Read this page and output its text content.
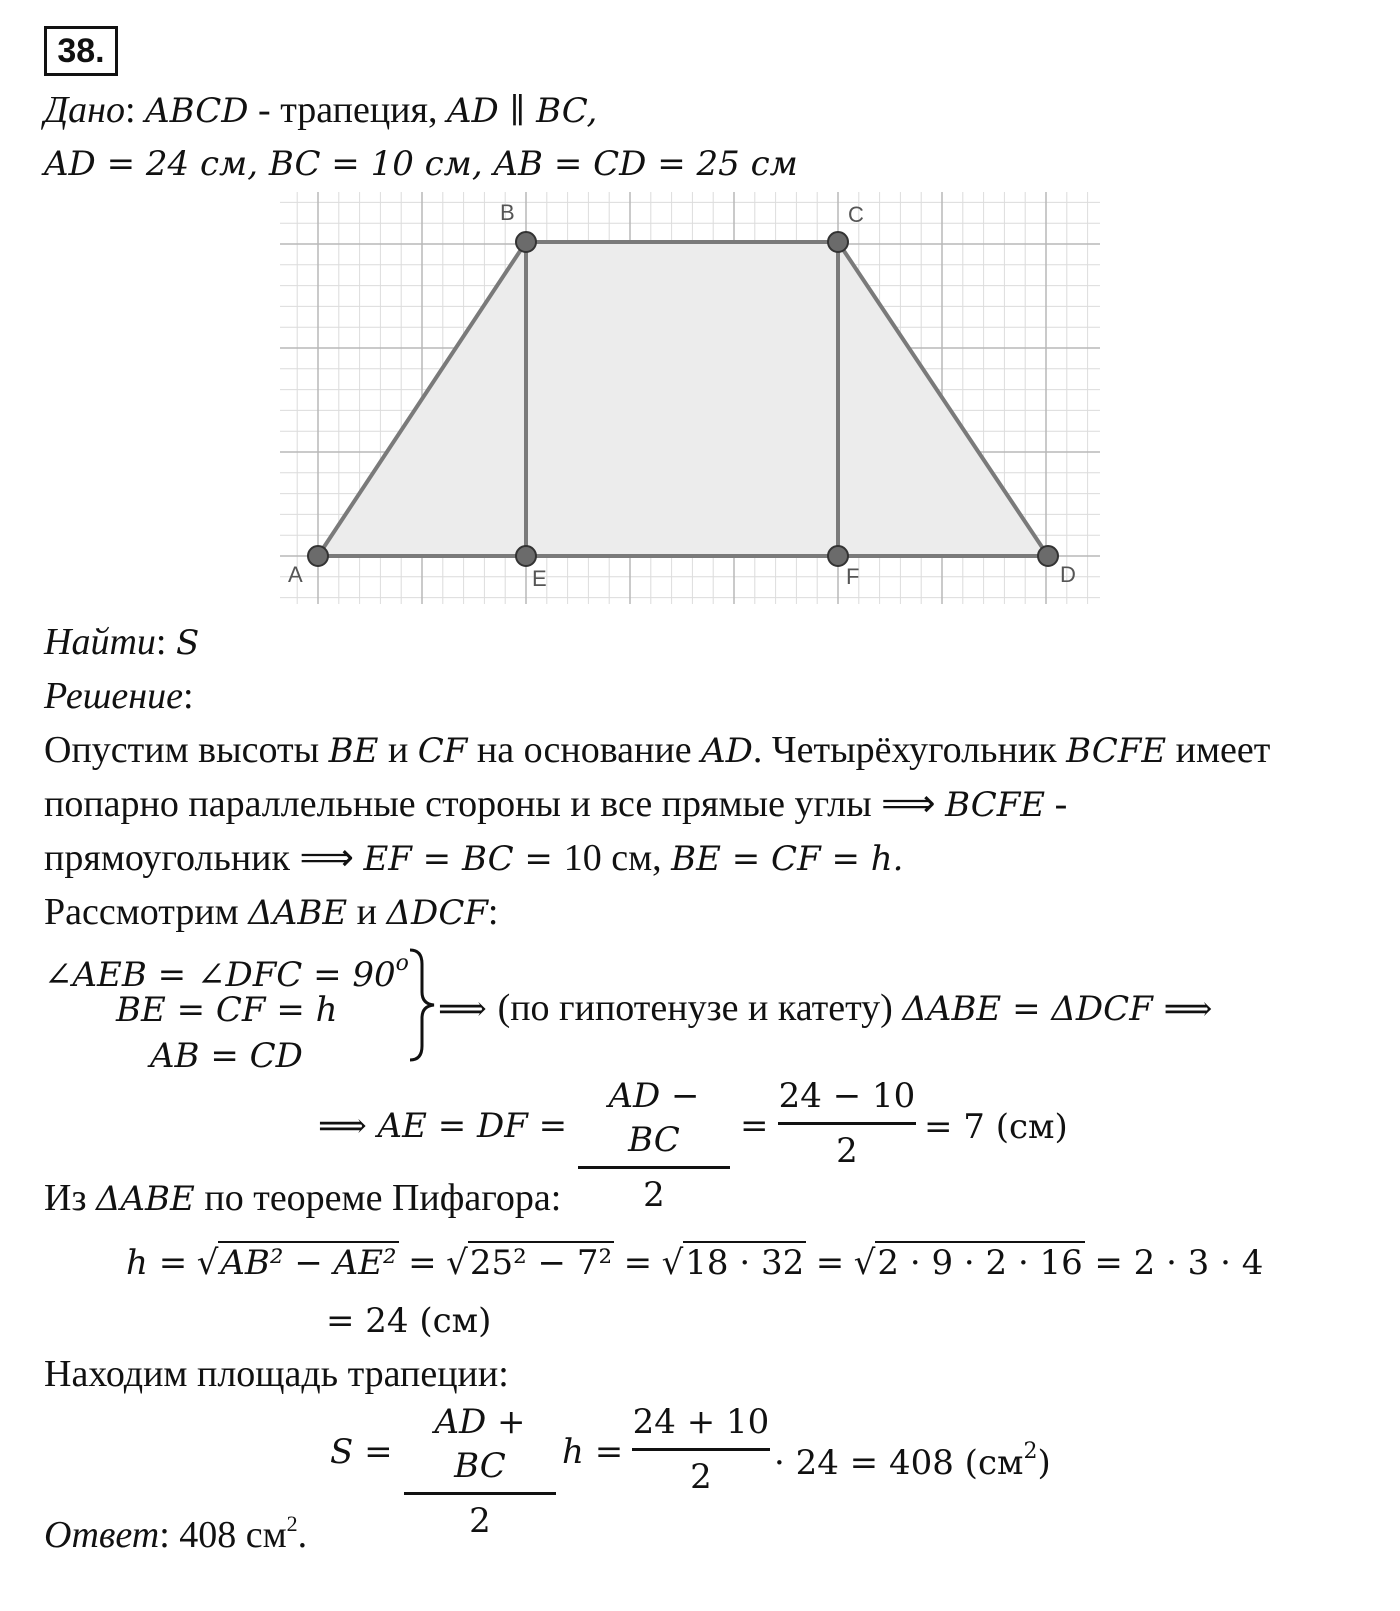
38.
Дано: ABCD - трапеция, AD ∥ BC,
AD = 24 см, BC = 10 см, AB = CD = 25 см
A
B	C
D
E	F
Найти: S
Решение:
Опустим высоты BE и CF на основание AD. Четырёхугольник BCFE имеет
попарно параллельные стороны и все прямые углы ⟹ BCFE -
прямоугольник ⟹ EF = BC = 10 см, BE = CF = h.
Рассмотрим ΔABE и ΔDCF:
∠AEB = ∠DFC = $90^o$
BE = CF = h
AB = CD
⟹ (по гипотенузе и катету) ΔABE = ΔDCF ⟹
⟹ AE = DF =
AD − BC
2
=
24 − 10
2
= 7 (см)
Из ΔABE по теореме Пифагора:
h = √AB² − AE² = √25² − 7² = √18 · 32 = √2 · 9 · 2 · 16 = 2 · 3 · 4
= 24 (см)
Находим площадь трапеции:
S =
AD + BC
2
h =
24 + 10
2	· 24 = 408 $(см^2)$
Ответ: 408 $см^2$.
